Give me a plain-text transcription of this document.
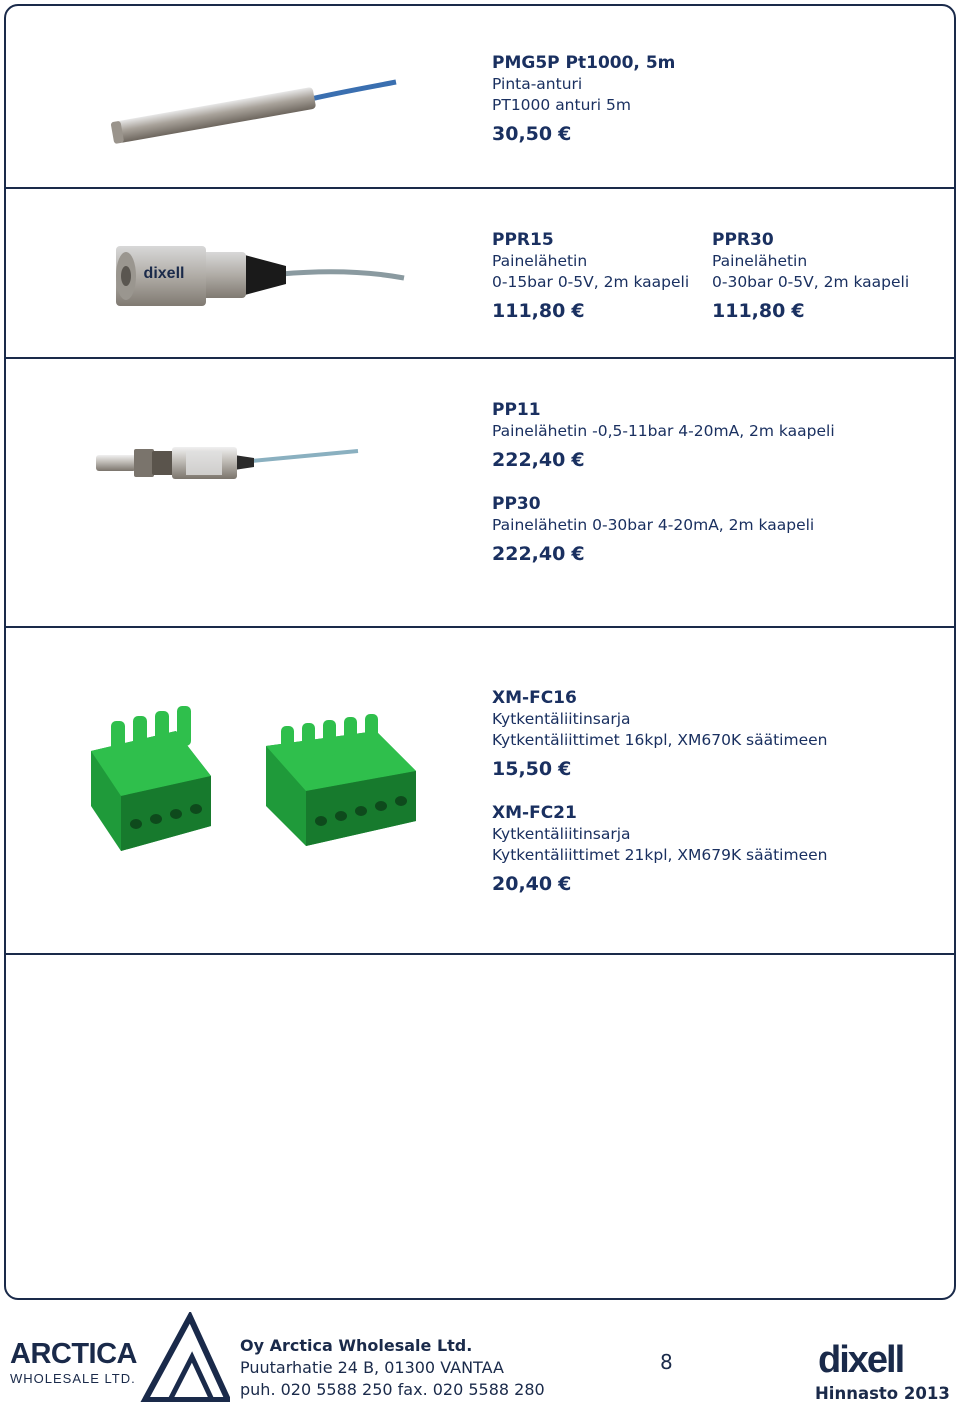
PMG5P Pt1000, 5m
Pinta-anturi
PT1000 anturi 5m
30,50 €
dixell
PPR15
Painelähetin
0-15bar 0-5V, 2m kaapeli
111,80 €
PPR30
Painelähetin
0-30bar 0-5V, 2m kaapeli
111,80 €
PP11
Painelähetin -0,5-11bar 4-20mA, 2m kaapeli
222,40 €
PP30
Painelähetin 0-30bar 4-20mA, 2m kaapeli
222,40 €
XM-FC16
Kytkentäliitinsarja
Kytkentäliittimet 16kpl, XM670K säätimeen
15,50 €
XM-FC21
Kytkentäliitinsarja
Kytkentäliittimet 21kpl, XM679K säätimeen
20,40 €
ARCTICA
WHOLESALE LTD.
Oy Arctica Wholesale Ltd.
Puutarhatie 24 B, 01300 VANTAA
puh. 020 5588 250 fax. 020 5588 280
8	dixell
Hinnasto 2013
